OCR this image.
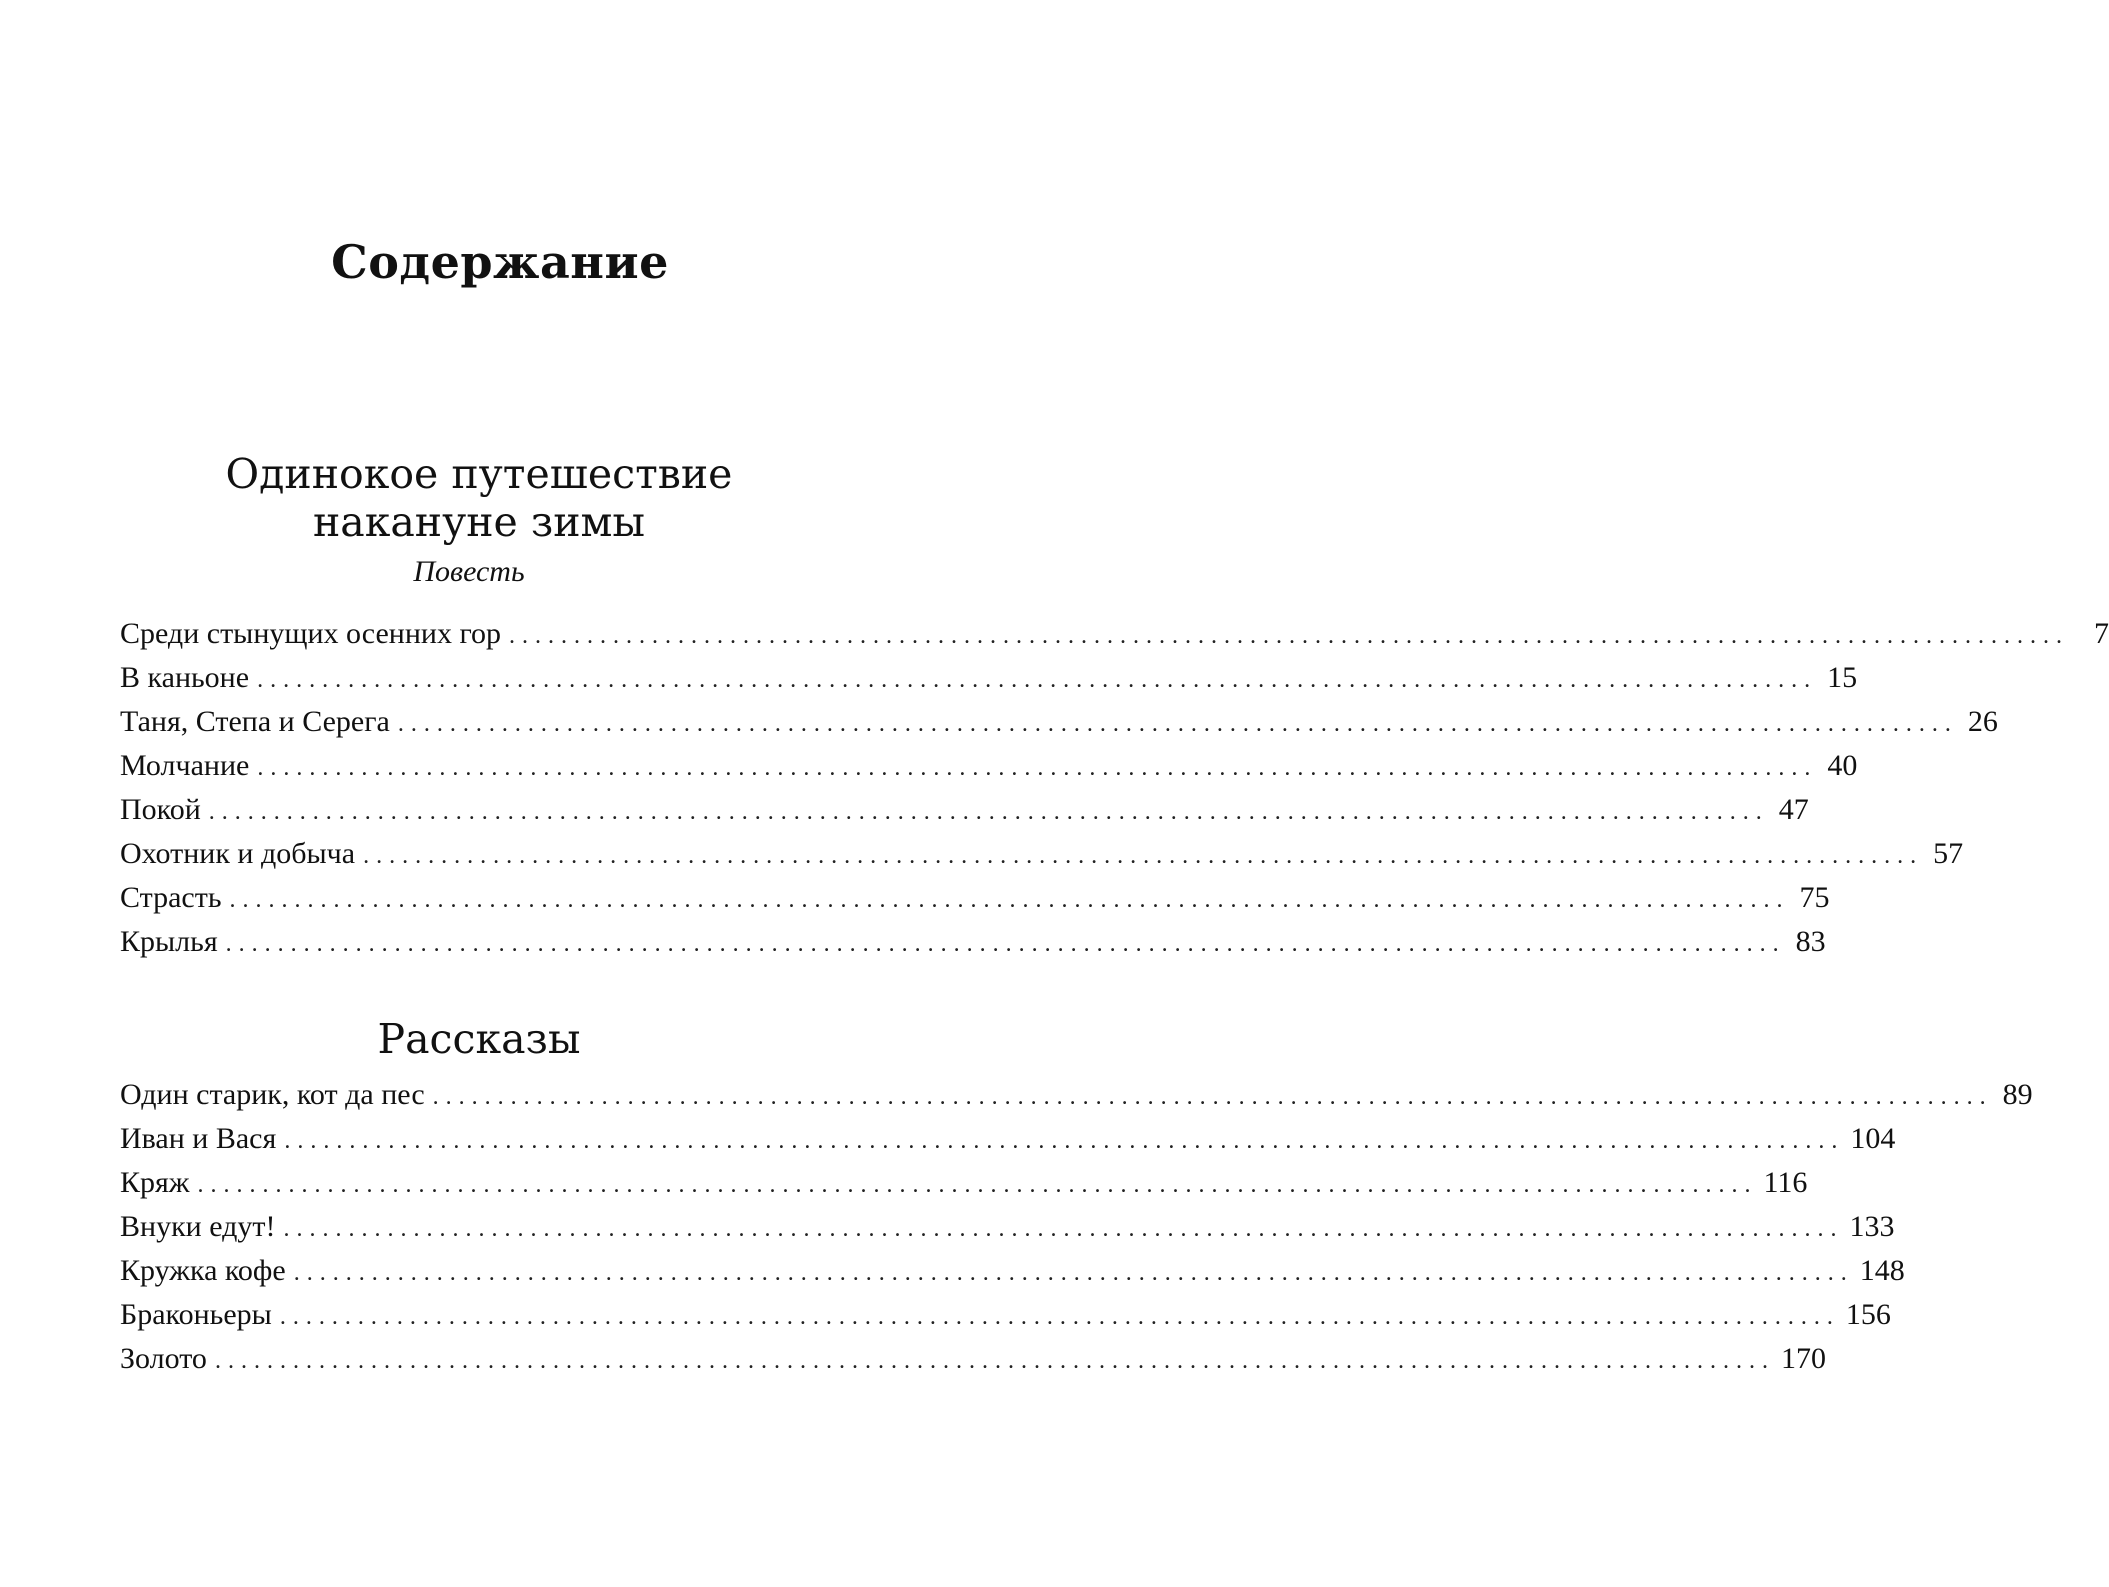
Содержание
Одинокое путешествие
накануне зимы
Повесть
Среди стынущих осенних гор ........................................................................................................................ 7
В каньоне ........................................................................................................................ 15
Таня, Степа и Серега ........................................................................................................................ 26
Молчание ........................................................................................................................ 40
Покой ........................................................................................................................ 47
Охотник и добыча ........................................................................................................................ 57
Страсть ........................................................................................................................ 75
Крылья ........................................................................................................................ 83
Рассказы
Один старик, кот да пес ........................................................................................................................ 89
Иван и Вася ........................................................................................................................ 104
Кряж ........................................................................................................................ 116
Внуки едут! ........................................................................................................................ 133
Кружка кофе ........................................................................................................................ 148
Браконьеры ........................................................................................................................ 156
Золото ........................................................................................................................ 170
